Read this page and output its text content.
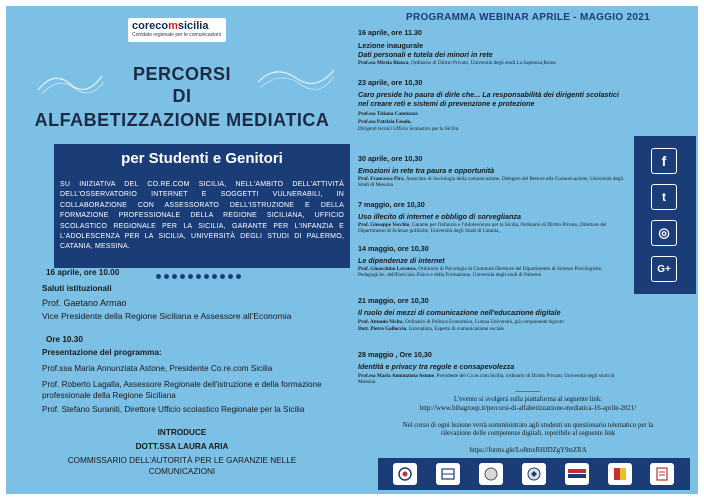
corecomsicilia
Comitato regionale per le comunicazioni
PERCORSI
DI
ALFABETIZZAZIONE MEDIATICA
per Studenti e Genitori
SU INIZIATIVA DEL CO.RE.COM SICILIA, NELL'AMBITO DELL'ATTIVITÀ DELL'OSSERVATORIO INTERNET E SOGGETTI VULNERABILI, IN COLLABORAZIONE CON ASSESSORATO DELL'ISTRUZIONE E DELLA FORMAZIONE PROFESSIONALE DELLA REGIONE SICILIANA, UFFICIO SCOLASTICO REGIONALE PER LA SICILIA, GARANTE PER L'INFANZIA E L'ADOLESCENZA PER LA SICILIA, UNIVERSITÀ DEGLI STUDI DI PALERMO, CATANIA, MESSINA.
16 aprile, ore 10.00
Saluti istituzionali
Prof. Gaetano Armao
Vice Presidente della Regione Siciliana e Assessore all'Economia
Ore 10.30
Presentazione del programma:
Prof.ssa Maria Annunziata Astone, Presidente Co.re.com Sicilia
Prof. Roberto Lagalla, Assessore Regionale dell'istruzione e della formazione professionale della Regione Siciliana
Prof. Stefano Suraniti, Direttore Ufficio scolastico Regionale per la Sicilia
INTRODUCE
DOTT.SSA LAURA ARIA
COMMISSARIO DELL'AUTORITÀ PER LE GARANZIE NELLE COMUNICAZIONI
PROGRAMMA WEBINAR APRILE - MAGGIO 2021
16 aprile, ore 11.30
Lezione inaugurale
Dati personali e tutela dei minori in rete
Prof.ssa Mirzia Bianca, Ordinario di Diritto Privato, Università degli studi La Sapienza,Roma
23 aprile, ore 10,30
Caro preside ho paura di dirle che... La responsabilità dei dirigenti scolastici nel creare reti e sistemi di prevenzione e protezione
Prof.ssa Tiziana Catenazzo
Prof.ssa Patrizia Fasolo,
Dirigenti tecnici Ufficio Scolastico per la Sicilia
30 aprile, ore 10,30
Emozioni in rete tra paura e opportunità
Prof. Francesco Pira, Associato di Sociologia della comunicazione, Delegato del Rettore alla Comunicazione, Università degli Studi di Messina
7 maggio, ore 10,30
Uso illecito di internet e obbligo di sorveglianza
Prof. Giuseppe Vecchio, Garante per l'infanzia e l'Adolescenza per la Sicilia, Ordinario di Diritto Privato, Direttore del Dipartimento di Scienze politiche, Università degli Studi di Catania,
14 maggio, ore 10,30
Le dipendenze di internet
Prof. Gioacchino Lavanco, Ordinario di Psicologia di Comunità Direttore del Dipartimento di Scienze Psicologiche, Pedagogiche, dell'Esercizio Fisico e della Formazione, Università degli studi di Palermo
21 maggio, ore 10,30
Il ruolo dei mezzi di comunicazione nell'educazione digitale
Prof. Antonio Nicita, Ordinario di Politica Economica, Lumsa Università, già componente Agcom
Dott. Pietro Galluccio, Giornalista, Esperto di comunicazione sociale
28 maggio , Ore 10,30
Identità e privacy tra regole e consapevolezza
Prof.ssa Maria Annunziata Astone, Presidente del Co.re.com Sicilia, ordinario di Diritto Privato, Università degli studi di Messina
-----------
L'evento si svolgerà sulla piattaforma al seguente link:
http://www.bibagroup.it/percorsi-di-alfabetizzazione-mediatica-16-aprile-2021/
Nel corso di ogni lezione verrà somministrato agli studenti un questionario telematico per la rilevazione delle competenze digitali, reperibile al seguente link
https://forms.gle/Lo8mxRHJDZgY9tsZRA
f
t
◎
G+
